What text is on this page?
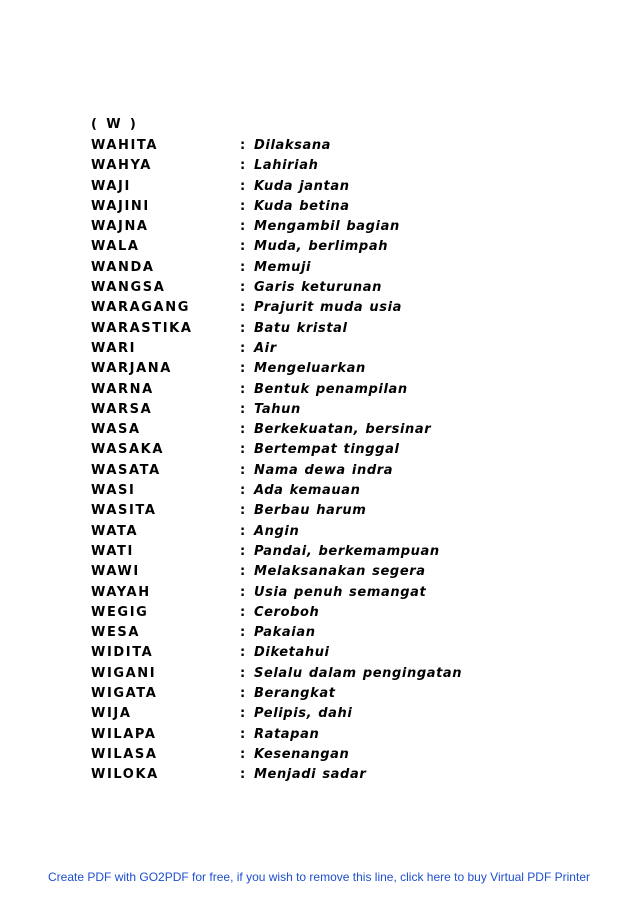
( W )
WAHITA	: Dilaksana
WAHYA	: Lahiriah
WAJI	: Kuda jantan
WAJINI	: Kuda betina
WAJNA	: Mengambil bagian
WALA	: Muda, berlimpah
WANDA	: Memuji
WANGSA	: Garis keturunan
WARAGANG	: Prajurit muda usia
WARASTIKA	: Batu kristal
WARI	: Air
WARJANA	: Mengeluarkan
WARNA	: Bentuk penampilan
WARSA	: Tahun
WASA	: Berkekuatan, bersinar
WASAKA	: Bertempat tinggal
WASATA	: Nama dewa indra
WASI	: Ada kemauan
WASITA	: Berbau harum
WATA	: Angin
WATI	: Pandai, berkemampuan
WAWI	: Melaksanakan segera
WAYAH	: Usia penuh semangat
WEGIG	: Ceroboh
WESA	: Pakaian
WIDITA	: Diketahui
WIGANI	: Selalu dalam pengingatan
WIGATA	: Berangkat
WIJA	: Pelipis, dahi
WILAPA	: Ratapan
WILASA	: Kesenangan
WILOKA	: Menjadi sadar
Create PDF with GO2PDF for free, if you wish to remove this line, click here to buy Virtual PDF Printer
